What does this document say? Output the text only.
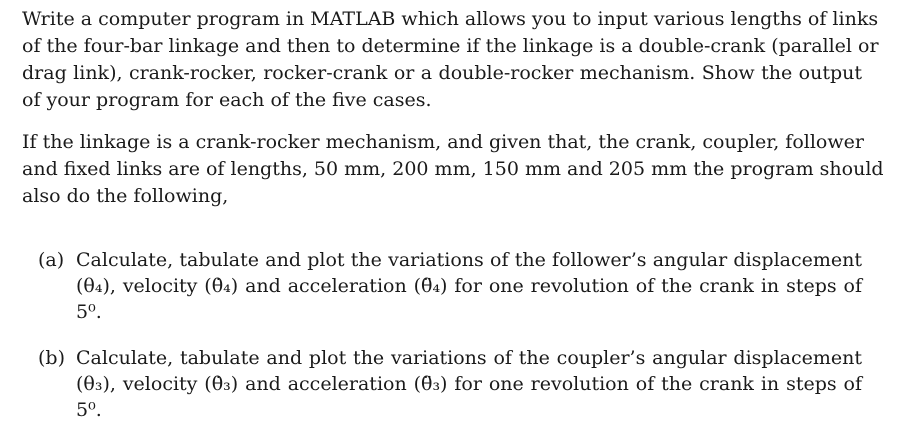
Write a computer program in MATLAB which allows you to input various lengths of links
of the four-bar linkage and then to determine if the linkage is a double-crank (parallel or
drag link), crank-rocker, rocker-crank or a double-rocker mechanism. Show the output
of your program for each of the five cases.
If the linkage is a crank-rocker mechanism, and given that, the crank, coupler, follower
and fixed links are of lengths, 50 mm, 200 mm, 150 mm and 205 mm the program should
also do the following,
(a) Calculate, tabulate and plot the variations of the follower’s angular displacement
(θ₄), velocity (θ̇₄) and acceleration (θ̈₄) for one revolution of the crank in steps of
5⁰.
(b) Calculate, tabulate and plot the variations of the coupler’s angular displacement
(θ₃), velocity (θ̇₃) and acceleration (θ̈₃) for one revolution of the crank in steps of
5⁰.
